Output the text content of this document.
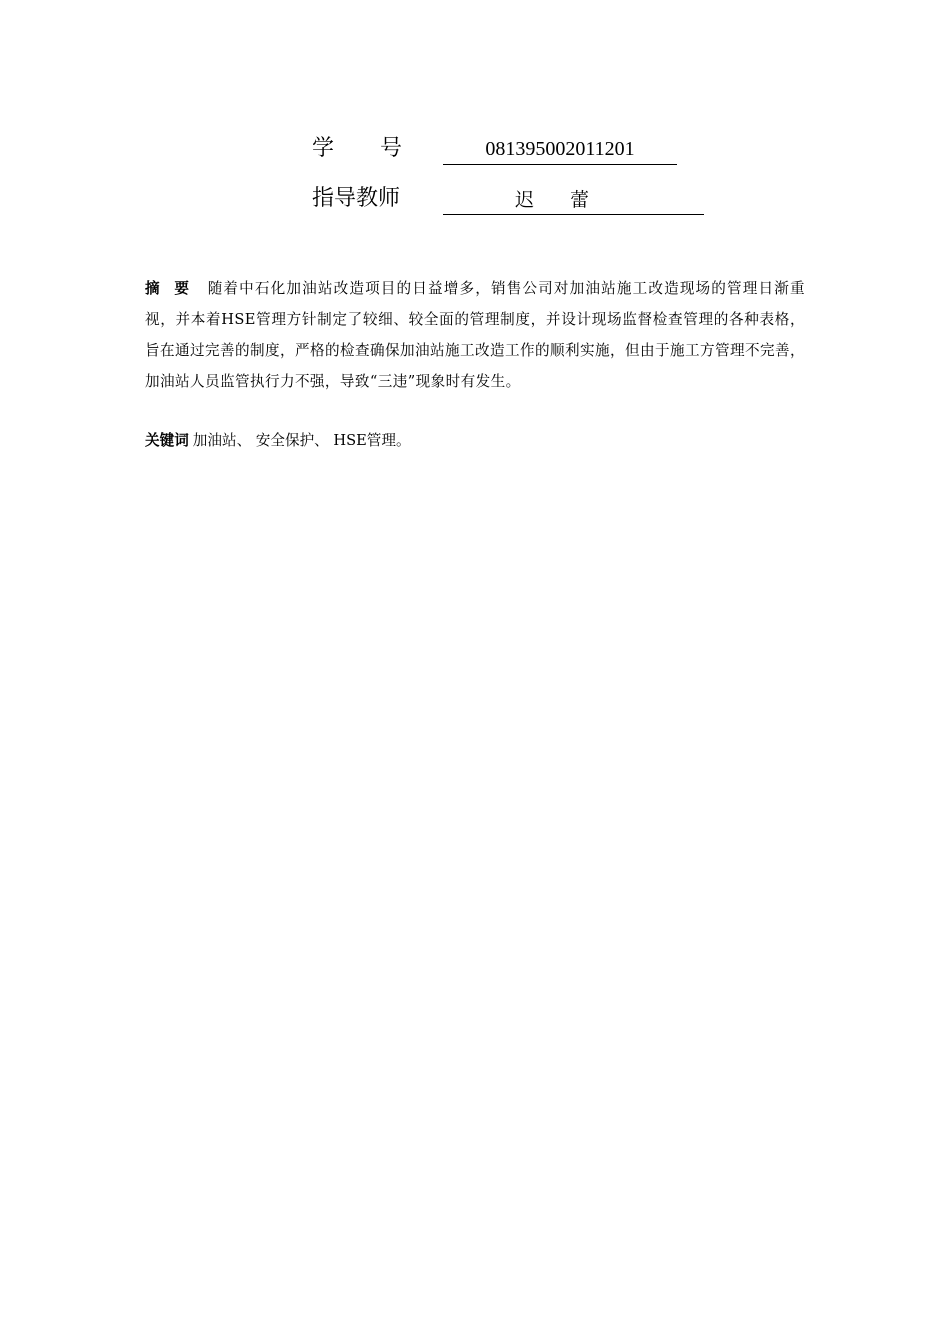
学号	081395002011201
指导教师	迟蕾
摘要 随着中石化加油站改造项目的日益增多，销售公司对加油站施工改造现场的管理日渐重视，并本着HSE管理方针制定了较细、较全面的管理制度，并设计现场监督检查管理的各种表格，旨在通过完善的制度，严格的检查确保加油站施工改造工作的顺利实施，但由于施工方管理不完善，加油站人员监管执行力不强，导致“三违”现象时有发生。
关键词 加油站、 安全保护、 HSE管理。
